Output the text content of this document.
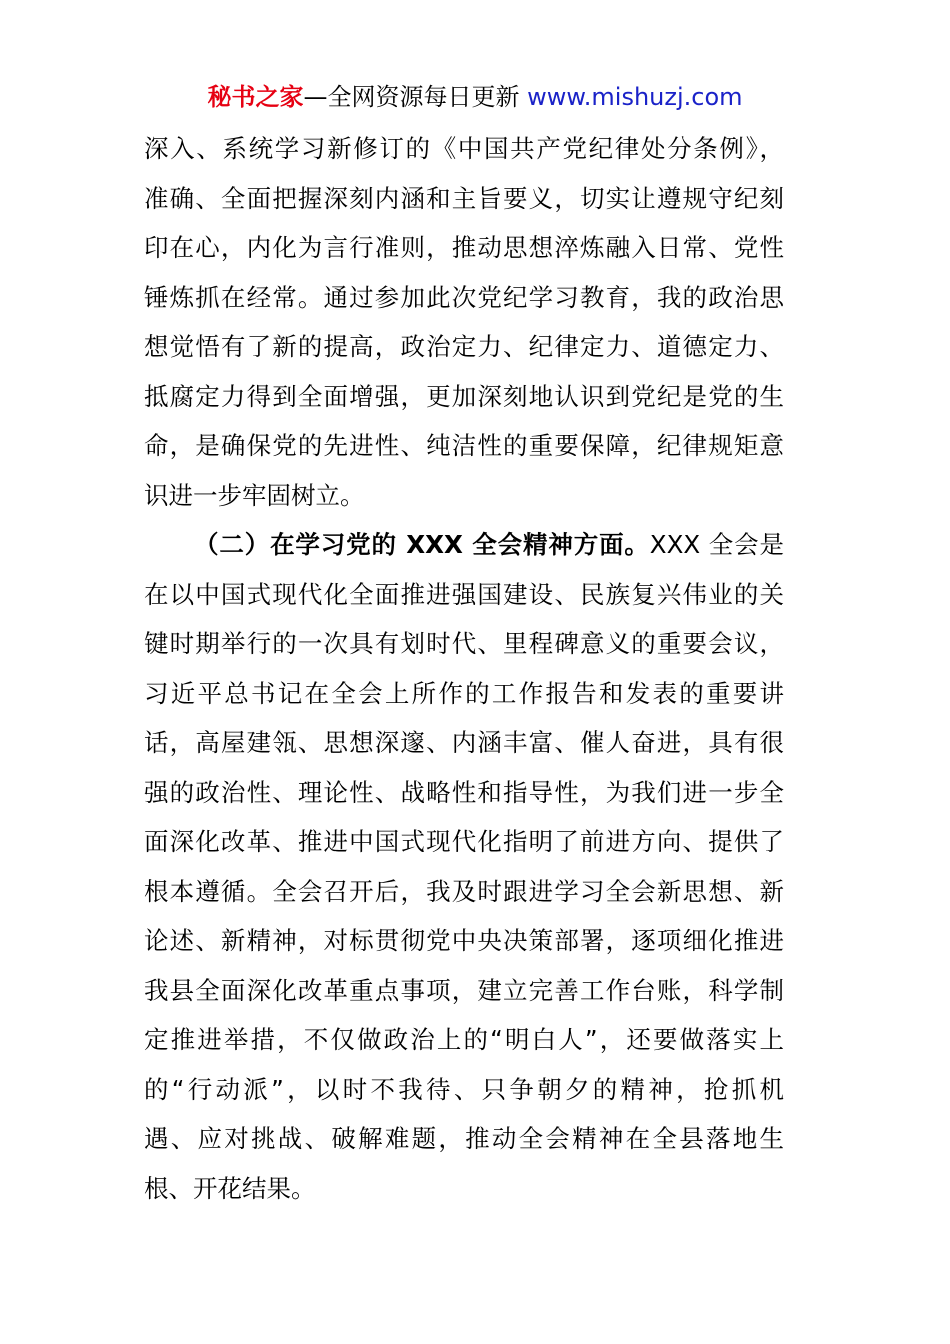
秘书之家—全网资源每日更新 www.mishuzj.com
深入、系统学习新修订的《中国共产党纪律处分条例》，
准确、全面把握深刻内涵和主旨要义，切实让遵规守纪刻
印在心，内化为言行准则，推动思想淬炼融入日常、党性
锤炼抓在经常。通过参加此次党纪学习教育，我的政治思
想觉悟有了新的提高，政治定力、纪律定力、道德定力、
抵腐定力得到全面增强，更加深刻地认识到党纪是党的生
命，是确保党的先进性、纯洁性的重要保障，纪律规矩意
识进一步牢固树立。
（二）在学习党的 XXX 全会精神方面。XXX 全会是
在以中国式现代化全面推进强国建设、民族复兴伟业的关
键时期举行的一次具有划时代、里程碑意义的重要会议，
习近平总书记在全会上所作的工作报告和发表的重要讲
话，高屋建瓴、思想深邃、内涵丰富、催人奋进，具有很
强的政治性、理论性、战略性和指导性，为我们进一步全
面深化改革、推进中国式现代化指明了前进方向、提供了
根本遵循。全会召开后，我及时跟进学习全会新思想、新
论述、新精神，对标贯彻党中央决策部署，逐项细化推进
我县全面深化改革重点事项，建立完善工作台账，科学制
定推进举措，不仅做政治上的“明白人”，还要做落实上
的“行动派”，以时不我待、只争朝夕的精神，抢抓机
遇、应对挑战、破解难题，推动全会精神在全县落地生
根、开花结果。
